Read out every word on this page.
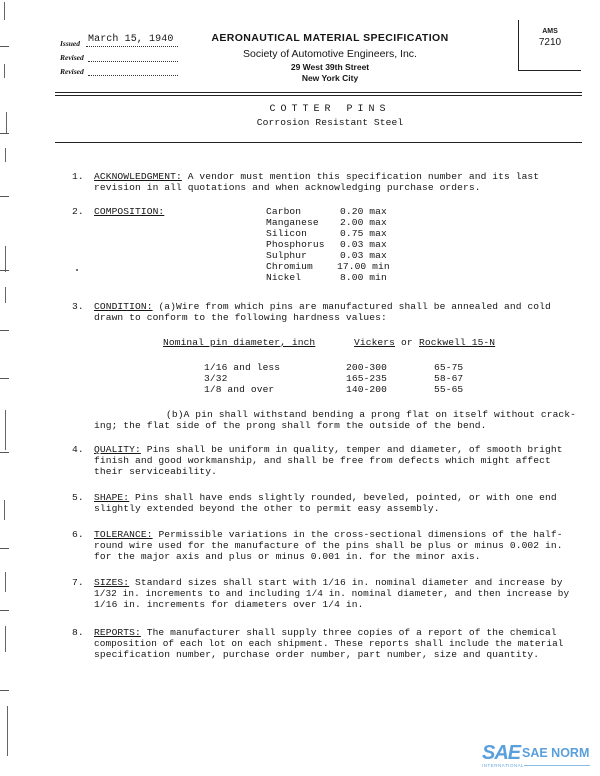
Issued March 15, 1940
Revised
Revised
AERONAUTICAL MATERIAL SPECIFICATION
Society of Automotive Engineers, Inc.
29 West 39th Street
New York City
AMS
7210
COTTER PINS
Corrosion Resistant Steel
1. ACKNOWLEDGMENT: A vendor must mention this specification number and its last
revision in all quotations and when acknowledging purchase orders.
2. COMPOSITION:	Carbon	0.20 max
Manganese 2.00 max
Silicon	0.75 max
Phosphorus 0.03 max
Sulphur	0.03 max
Chromium	17.00 min
Nickel	8.00 min
3. CONDITION: (a)Wire from which pins are manufactured shall be annealed and cold
drawn to conform to the following hardness values:
Nominal pin diameter, inch	Vickers or Rockwell 15-N
1/16 and less	200-300	65-75
3/32	165-235	58-67
1/8 and over	140-200	55-65
(b)A pin shall withstand bending a prong flat on itself without crack-
ing; the flat side of the prong shall form the outside of the bend.
4. QUALITY: Pins shall be uniform in quality, temper and diameter, of smooth bright
finish and good workmanship, and shall be free from defects which might affect
their serviceability.
5. SHAPE: Pins shall have ends slightly rounded, beveled, pointed, or with one end
slightly extended beyond the other to permit easy assembly.
6. TOLERANCE: Permissible variations in the cross-sectional dimensions of the half-
round wire used for the manufacture of the pins shall be plus or minus 0.002 in.
for the major axis and plus or minus 0.001 in. for the minor axis.
7. SIZES: Standard sizes shall start with 1/16 in. nominal diameter and increase by
1/32 in. increments to and including 1/4 in. nominal diameter, and then increase by
1/16 in. increments for diameters over 1/4 in.
8. REPORTS: The manufacturer shall supply three copies of a report of the chemical
composition of each lot on each shipment. These reports shall include the material
specification number, purchase order number, part number, size and quantity.
SAE SAE NORM
INTERNATIONAL
